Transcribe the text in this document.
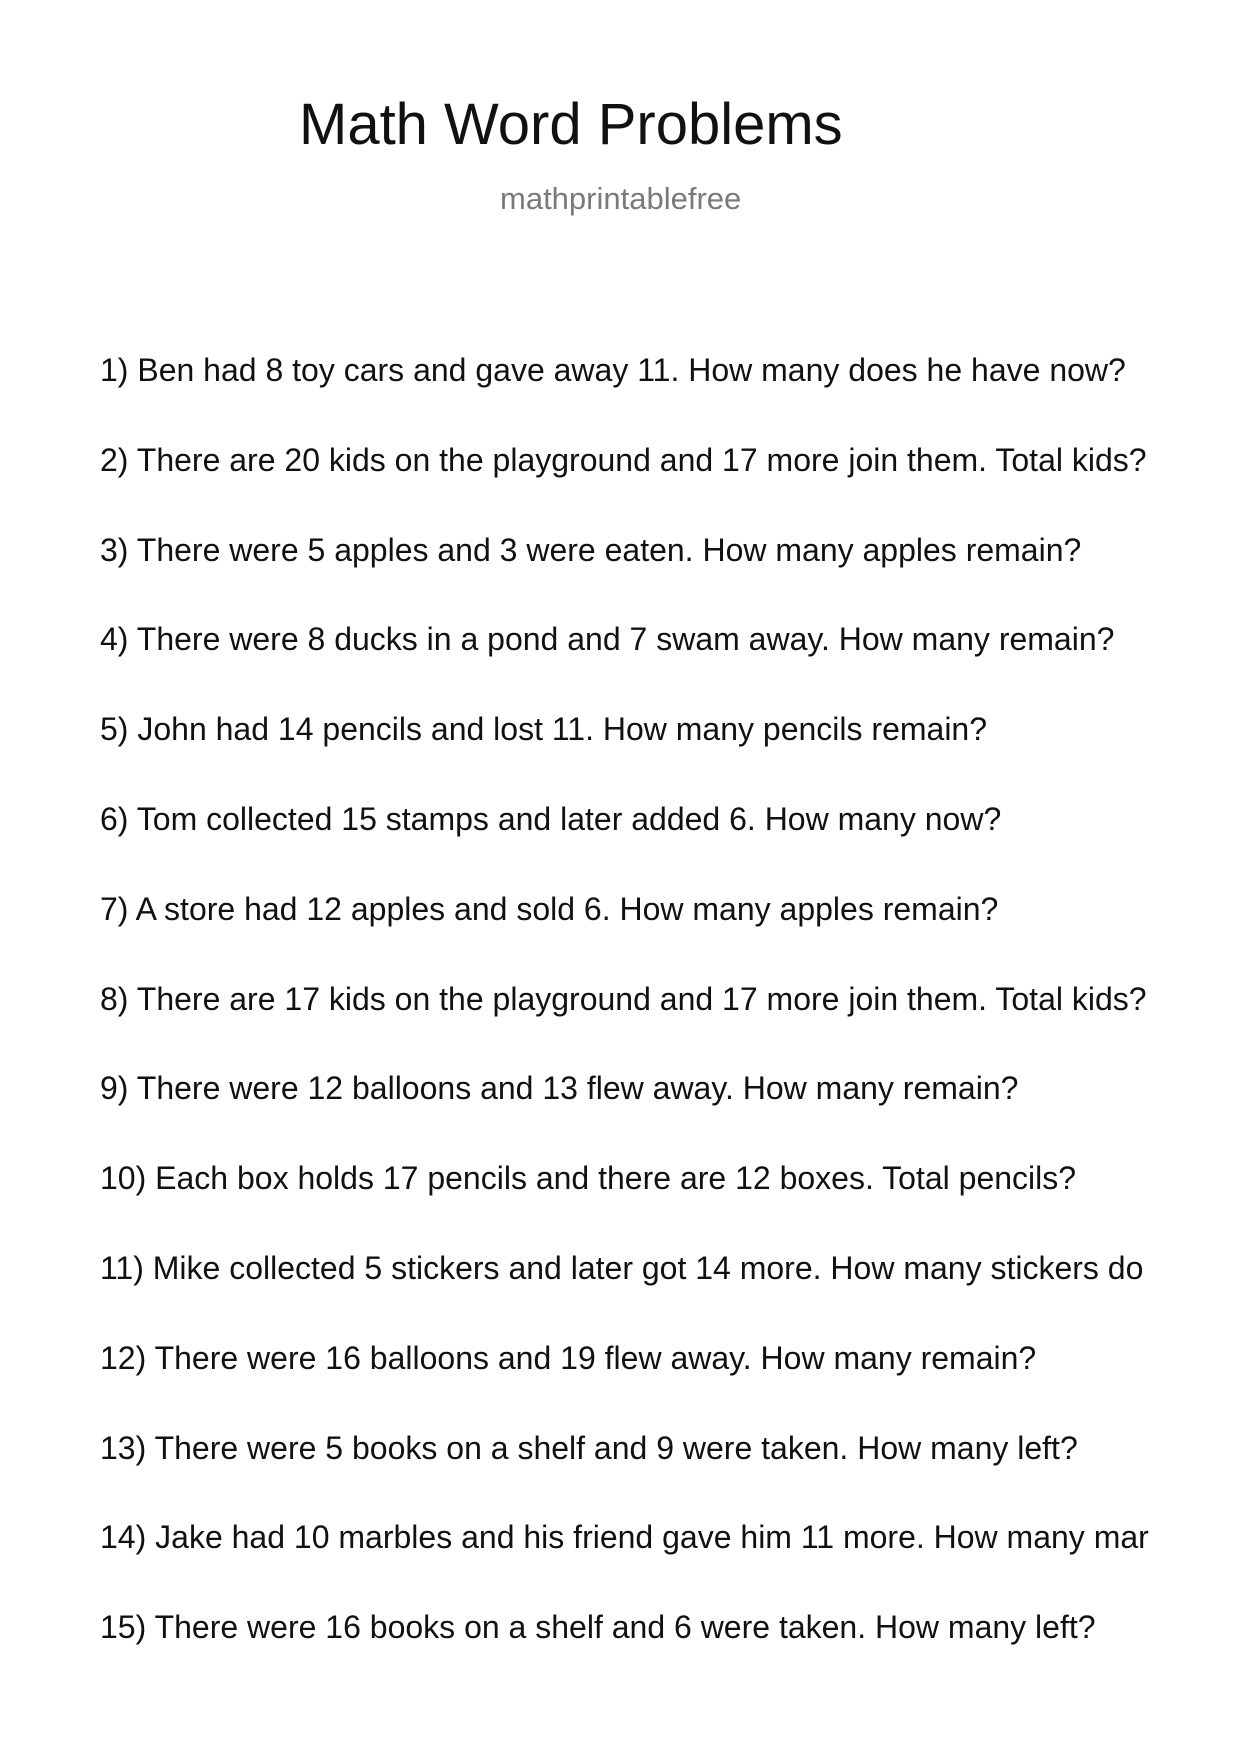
Math Word Problems
mathprintablefree
1) Ben had 8 toy cars and gave away 11. How many does he have now?
2) There are 20 kids on the playground and 17 more join them. Total kids?
3) There were 5 apples and 3 were eaten. How many apples remain?
4) There were 8 ducks in a pond and 7 swam away. How many remain?
5) John had 14 pencils and lost 11. How many pencils remain?
6) Tom collected 15 stamps and later added 6. How many now?
7) A store had 12 apples and sold 6. How many apples remain?
8) There are 17 kids on the playground and 17 more join them. Total kids?
9) There were 12 balloons and 13 flew away. How many remain?
10) Each box holds 17 pencils and there are 12 boxes. Total pencils?
11) Mike collected 5 stickers and later got 14 more. How many stickers do
12) There were 16 balloons and 19 flew away. How many remain?
13) There were 5 books on a shelf and 9 were taken. How many left?
14) Jake had 10 marbles and his friend gave him 11 more. How many mar
15) There were 16 books on a shelf and 6 were taken. How many left?
